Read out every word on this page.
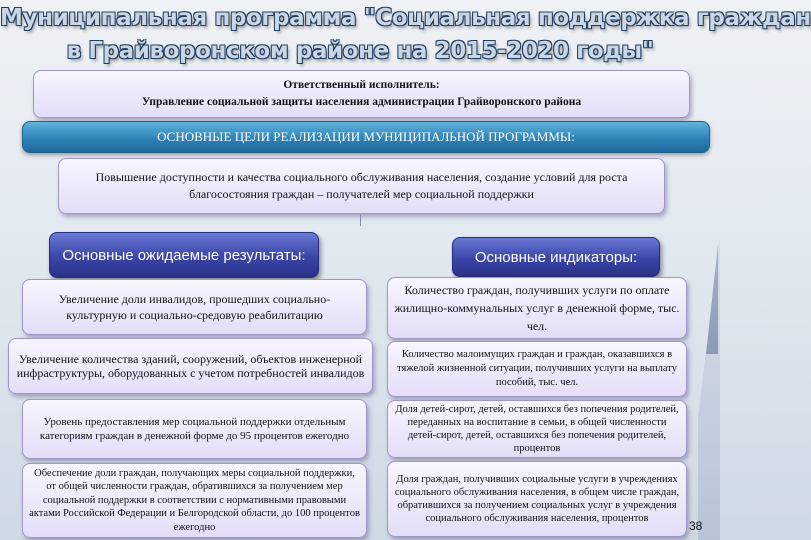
Муниципальная программа "Социальная поддержка граждан
в Грайворонском районе на 2015-2020 годы"
Ответственный исполнитель:
Управление социальной защиты населения администрации Грайворонского района
ОСНОВНЫЕ ЦЕЛИ РЕАЛИЗАЦИИ МУНИЦИПАЛЬНОЙ ПРОГРАММЫ:
Повышение доступности и качества социального обслуживания населения, создание условий для роста благосостояния граждан – получателей мер социальной поддержки
Основные ожидаемые результаты:	Основные индикаторы:
Увеличение доли инвалидов, прошедших социально-культурную и социально-средовую реабилитацию
Увеличение количества зданий, сооружений, объектов инженерной инфраструктуры, оборудованных с учетом потребностей инвалидов
Уровень предоставления мер социальной поддержки отдельным категориям граждан в денежной форме до 95 процентов ежегодно
Обеспечение доли граждан, получающих меры социальной поддержки, от общей численности граждан, обратившихся за получением мер социальной поддержки в соответствии с нормативными правовыми актами Российской Федерации и Белгородской области, до 100 процентов ежегодно
Количество граждан, получивших услуги по оплате жилищно-коммунальных услуг в денежной форме, тыс. чел.
Количество малоимущих граждан и граждан, оказавшихся в тяжелой жизненной ситуации, получивших услуги на выплату пособий, тыс. чел.
Доля детей-сирот, детей, оставшихся без попечения родителей, переданных на воспитание в семьи, в общей численности детей-сирот, детей, оставшихся без попечения родителей, процентов
Доля граждан, получивших социальные услуги в учреждениях социального обслуживания населения, в общем числе граждан, обратившихся за получением социальных услуг в учреждения социального обслуживания населения, процентов
38
